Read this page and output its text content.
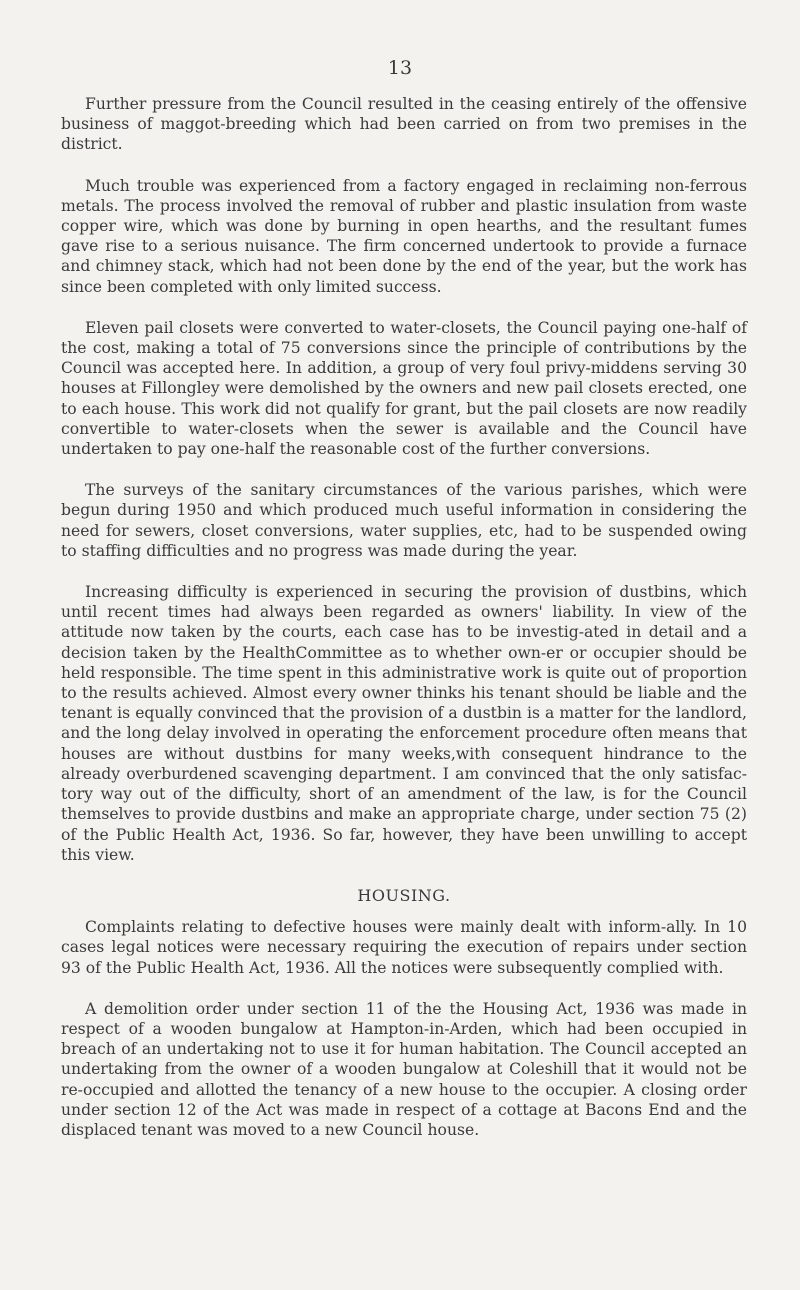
13

Further pressure from the Council resulted in the ceasing entirely of the offensive business of maggot-breeding which had been carried on from two premises in the district.

Much trouble was experienced from a factory engaged in reclaiming non-ferrous metals. The process involved the removal of rubber and plastic insulation from waste copper wire, which was done by burning in open hearths, and the resultant fumes gave rise to a serious nuisance. The firm concerned undertook to provide a furnace and chimney stack, which had not been done by the end of the year, but the work has since been completed with only limited success.

Eleven pail closets were converted to water-closets, the Council paying one-half of the cost, making a total of 75 conversions since the principle of contributions by the Council was accepted here. In addition, a group of very foul privy-middens serving 30 houses at Fillongley were demolished by the owners and new pail closets erected, one to each house. This work did not qualify for grant, but the pail closets are now readily convertible to water-closets when the sewer is available and the Council have undertaken to pay one-half the reasonable cost of the further conversions.

The surveys of the sanitary circumstances of the various parishes, which were begun during 1950 and which produced much useful information in considering the need for sewers, closet conversions, water supplies, etc, had to be suspended owing to staffing difficulties and no progress was made during the year.

Increasing difficulty is experienced in securing the provision of dustbins, which until recent times had always been regarded as owners' liability. In view of the attitude now taken by the courts, each case has to be investig-ated in detail and a decision taken by the HealthCommittee as to whether own-er or occupier should be held responsible. The time spent in this administrative work is quite out of proportion to the results achieved. Almost every owner thinks his tenant should be liable and the tenant is equally convinced that the provision of a dustbin is a matter for the landlord, and the long delay involved in operating the enforcement procedure often means that houses are without dustbins for many weeks,with consequent hindrance to the already overburdened scavenging department. I am convinced that the only satisfac-tory way out of the difficulty, short of an amendment of the law, is for the Council themselves to provide dustbins and make an appropriate charge, under section 75 (2) of the Public Health Act, 1936. So far, however, they have been unwilling to accept this view.

HOUSING.

Complaints relating to defective houses were mainly dealt with inform-ally. In 10 cases legal notices were necessary requiring the execution of repairs under section 93 of the Public Health Act, 1936. All the notices were subsequently complied with.

A demolition order under section 11 of the the Housing Act, 1936 was made in respect of a wooden bungalow at Hampton-in-Arden, which had been occupied in breach of an undertaking not to use it for human habitation. The Council accepted an undertaking from the owner of a wooden bungalow at Coleshill that it would not be re-occupied and allotted the tenancy of a new house to the occupier. A closing order under section 12 of the Act was made in respect of a cottage at Bacons End and the displaced tenant was moved to a new Council house.
